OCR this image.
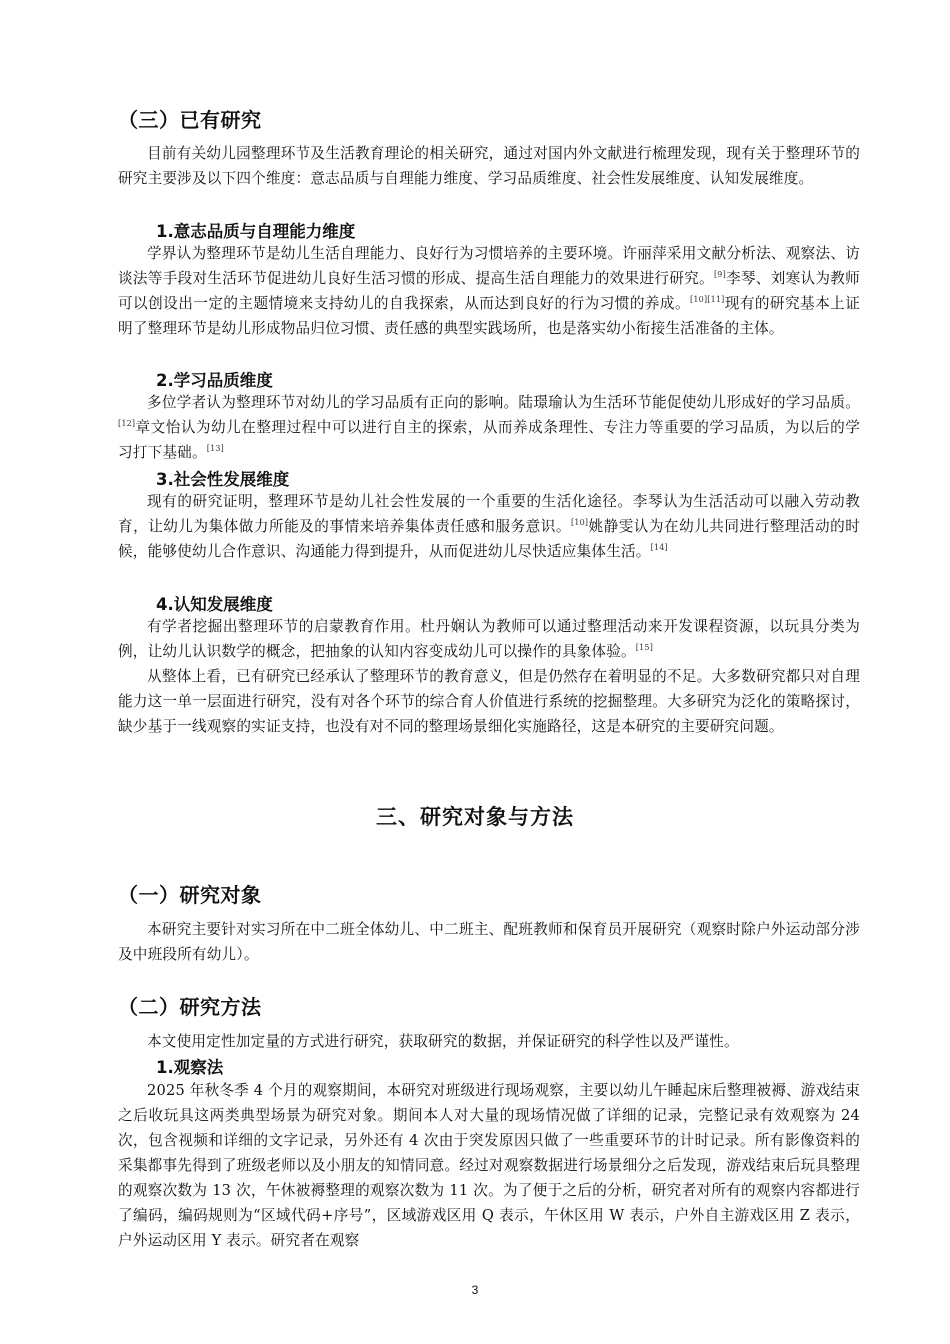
（三）已有研究

目前有关幼儿园整理环节及生活教育理论的相关研究，通过对国内外文献进行梳理发现，现有关于整理环节的研究主要涉及以下四个维度：意志品质与自理能力维度、学习品质维度、社会性发展维度、认知发展维度。

1.意志品质与自理能力维度

学界认为整理环节是幼儿生活自理能力、良好行为习惯培养的主要环境。许丽萍采用文献分析法、观察法、访谈法等手段对生活环节促进幼儿良好生活习惯的形成、提高生活自理能力的效果进行研究。[9]李琴、刘寒认为教师可以创设出一定的主题情境来支持幼儿的自我探索，从而达到良好的行为习惯的养成。[10][11]现有的研究基本上证明了整理环节是幼儿形成物品归位习惯、责任感的典型实践场所，也是落实幼小衔接生活准备的主体。

2.学习品质维度

多位学者认为整理环节对幼儿的学习品质有正向的影响。陆璟瑜认为生活环节能促使幼儿形成好的学习品质。[12]章文怡认为幼儿在整理过程中可以进行自主的探索，从而养成条理性、专注力等重要的学习品质，为以后的学习打下基础。[13]

3.社会性发展维度

现有的研究证明，整理环节是幼儿社会性发展的一个重要的生活化途径。李琴认为生活活动可以融入劳动教育，让幼儿为集体做力所能及的事情来培养集体责任感和服务意识。[10]姚静雯认为在幼儿共同进行整理活动的时候，能够使幼儿合作意识、沟通能力得到提升，从而促进幼儿尽快适应集体生活。[14]

4.认知发展维度

有学者挖掘出整理环节的启蒙教育作用。杜丹娴认为教师可以通过整理活动来开发课程资源，以玩具分类为例，让幼儿认识数学的概念，把抽象的认知内容变成幼儿可以操作的具象体验。[15]

从整体上看，已有研究已经承认了整理环节的教育意义，但是仍然存在着明显的不足。大多数研究都只对自理能力这一单一层面进行研究，没有对各个环节的综合育人价值进行系统的挖掘整理。大多研究为泛化的策略探讨，缺少基于一线观察的实证支持，也没有对不同的整理场景细化实施路径，这是本研究的主要研究问题。

三、研究对象与方法
（一）研究对象

本研究主要针对实习所在中二班全体幼儿、中二班主、配班教师和保育员开展研究（观察时除户外运动部分涉及中班段所有幼儿）。

（二）研究方法

本文使用定性加定量的方式进行研究，获取研究的数据，并保证研究的科学性以及严谨性。

1.观察法

2025 年秋冬季 4 个月的观察期间，本研究对班级进行现场观察，主要以幼儿午睡起床后整理被褥、游戏结束之后收玩具这两类典型场景为研究对象。期间本人对大量的现场情况做了详细的记录，完整记录有效观察为 24 次，包含视频和详细的文字记录，另外还有 4 次由于突发原因只做了一些重要环节的计时记录。所有影像资料的采集都事先得到了班级老师以及小朋友的知情同意。经过对观察数据进行场景细分之后发现，游戏结束后玩具整理的观察次数为 13 次，午休被褥整理的观察次数为 11 次。为了便于之后的分析，研究者对所有的观察内容都进行了编码，编码规则为“区域代码+序号”，区域游戏区用 Q 表示，午休区用 W 表示，户外自主游戏区用 Z 表示，户外运动区用 Y 表示。研究者在观察

3
